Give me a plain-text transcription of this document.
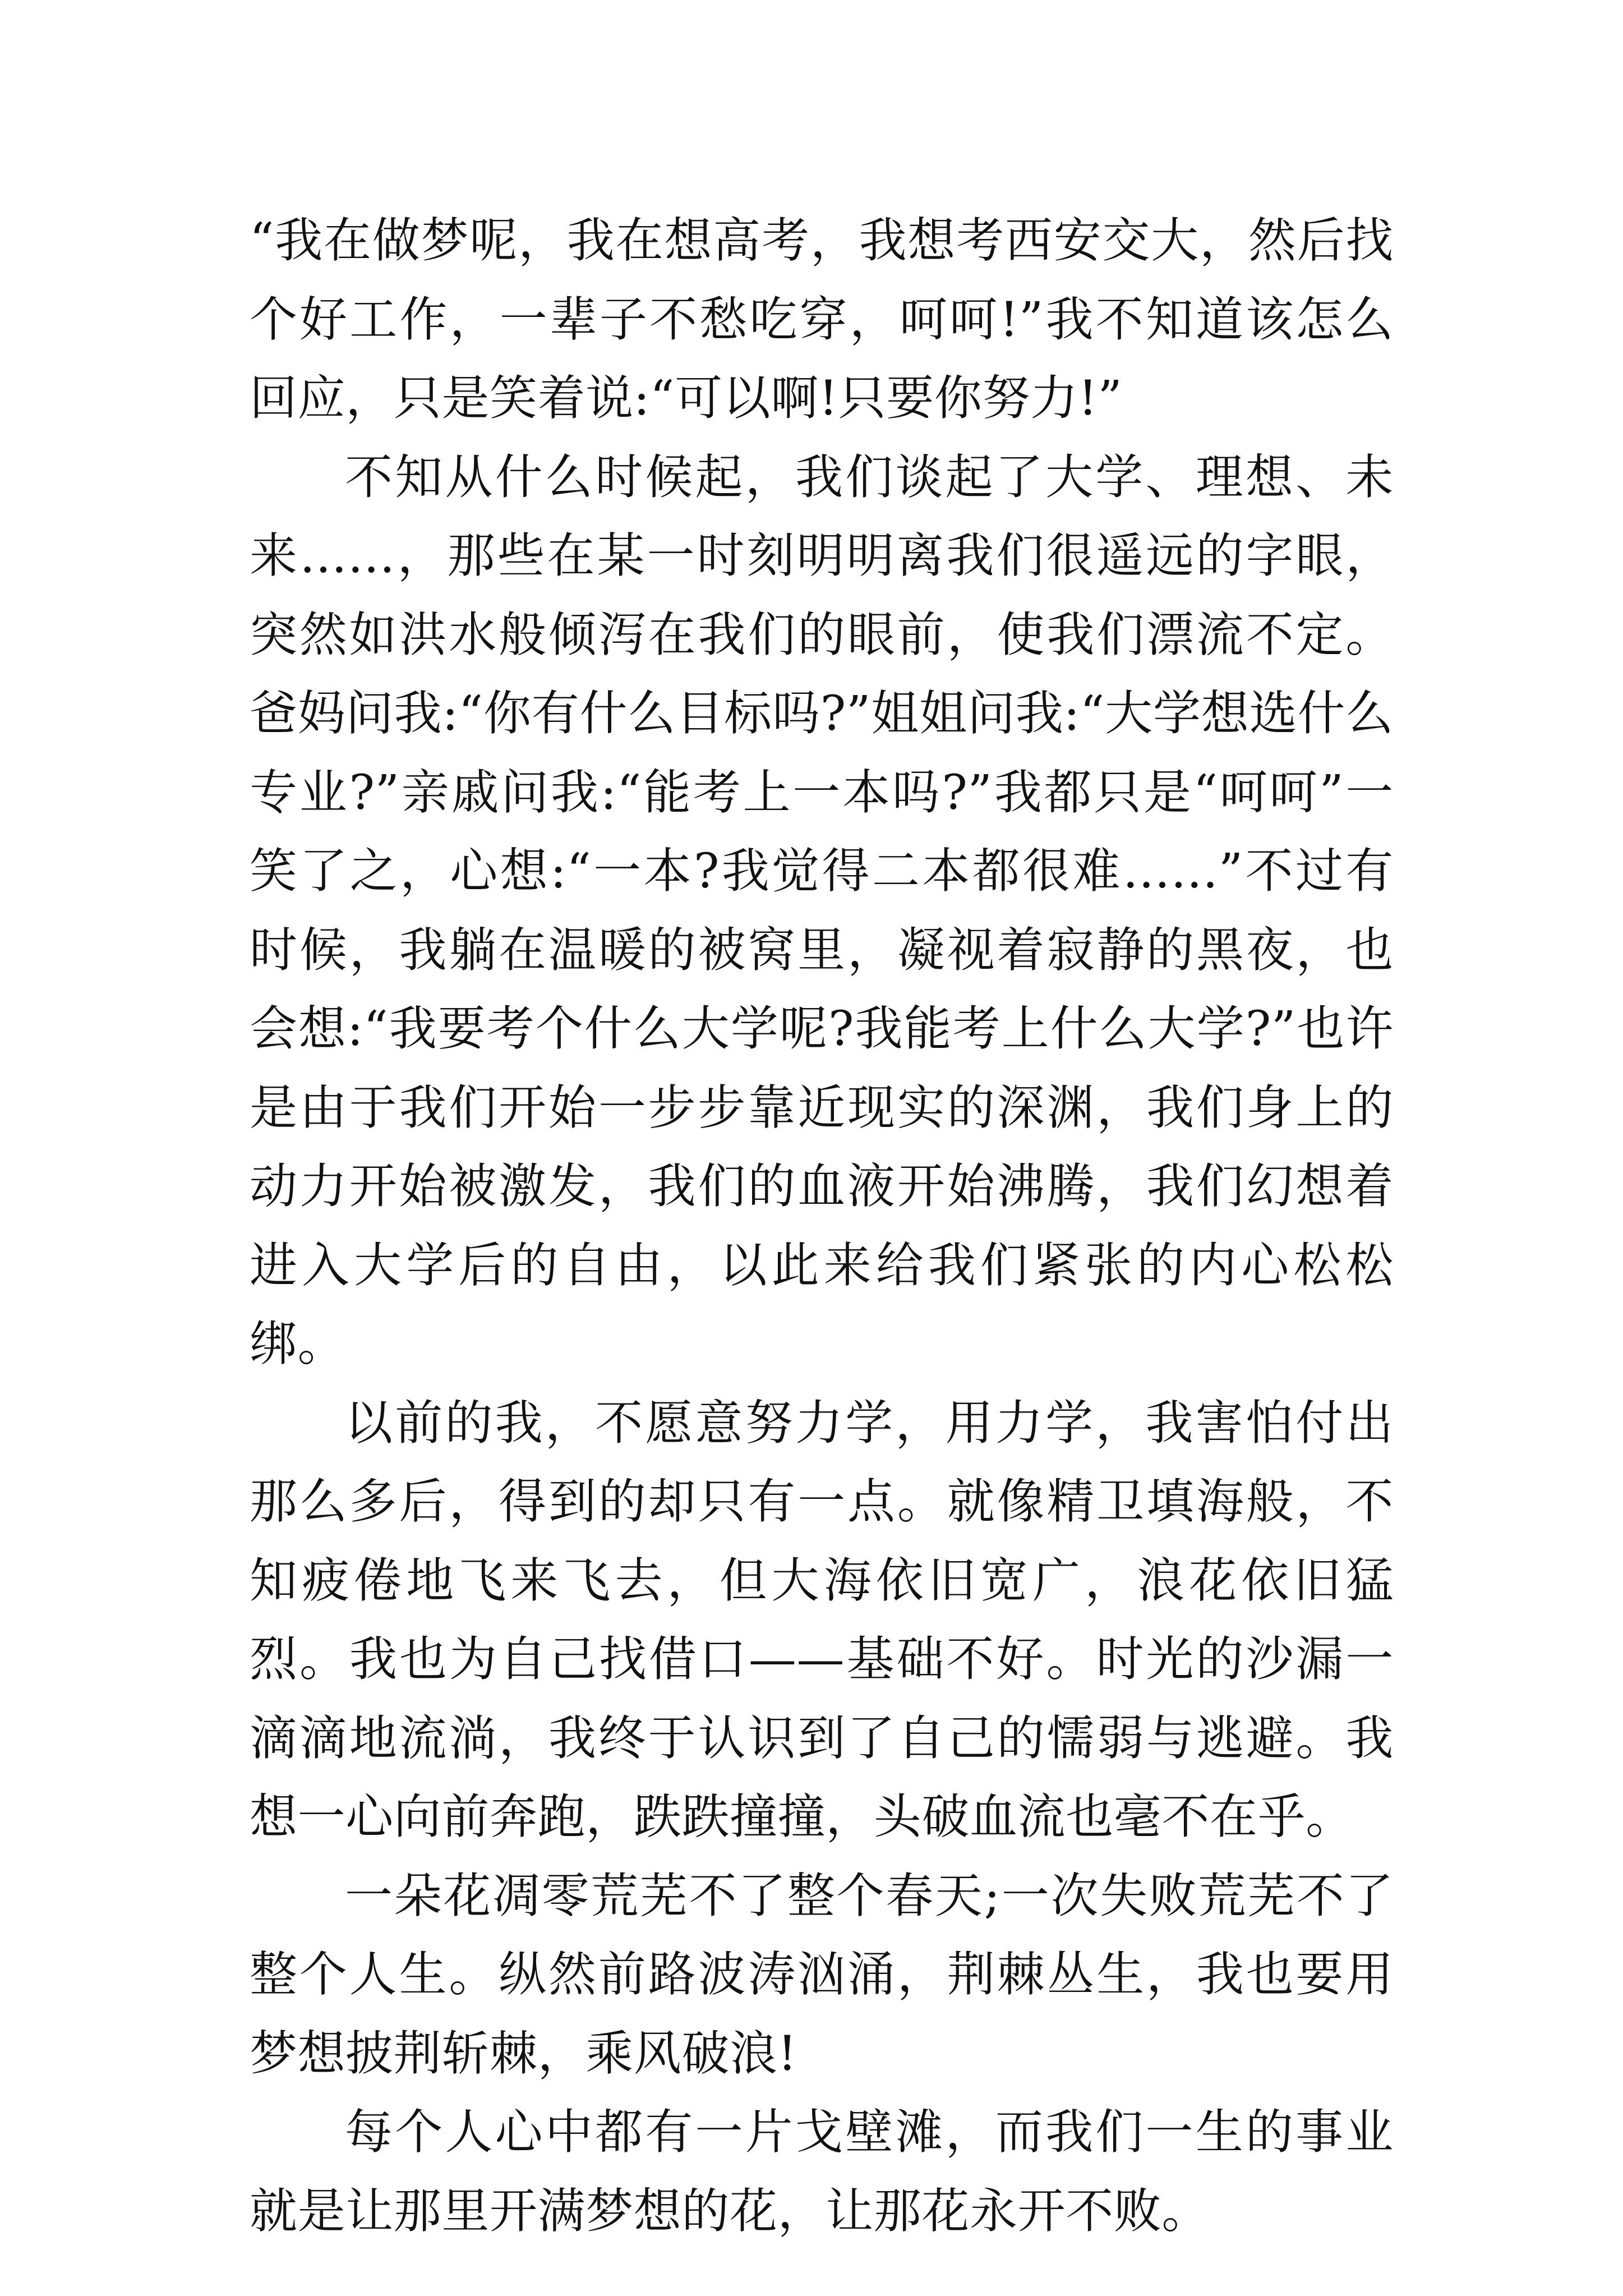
“我在做梦呢，我在想高考，我想考西安交大，然后找个好工作，一辈子不愁吃穿，呵呵!”我不知道该怎么回应，只是笑着说:“可以啊!只要你努力!”

不知从什么时候起，我们谈起了大学、理想、未来……，那些在某一时刻明明离我们很遥远的字眼，突然如洪水般倾泻在我们的眼前，使我们漂流不定。爸妈问我:“你有什么目标吗?”姐姐问我:“大学想选什么专业?”亲戚问我:“能考上一本吗?”我都只是“呵呵”一笑了之，心想:“一本?我觉得二本都很难……”不过有时候，我躺在温暖的被窝里，凝视着寂静的黑夜，也会想:“我要考个什么大学呢?我能考上什么大学?”也许是由于我们开始一步步靠近现实的深渊，我们身上的动力开始被激发，我们的血液开始沸腾，我们幻想着进入大学后的自由，以此来给我们紧张的内心松松绑。

以前的我，不愿意努力学，用力学，我害怕付出那么多后，得到的却只有一点。就像精卫填海般，不知疲倦地飞来飞去，但大海依旧宽广，浪花依旧猛烈。我也为自己找借口——基础不好。时光的沙漏一滴滴地流淌，我终于认识到了自己的懦弱与逃避。我想一心向前奔跑，跌跌撞撞，头破血流也毫不在乎。

一朵花凋零荒芜不了整个春天;一次失败荒芜不了整个人生。纵然前路波涛汹涌，荆棘丛生，我也要用梦想披荆斩棘，乘风破浪!

每个人心中都有一片戈壁滩，而我们一生的事业就是让那里开满梦想的花，让那花永开不败。
